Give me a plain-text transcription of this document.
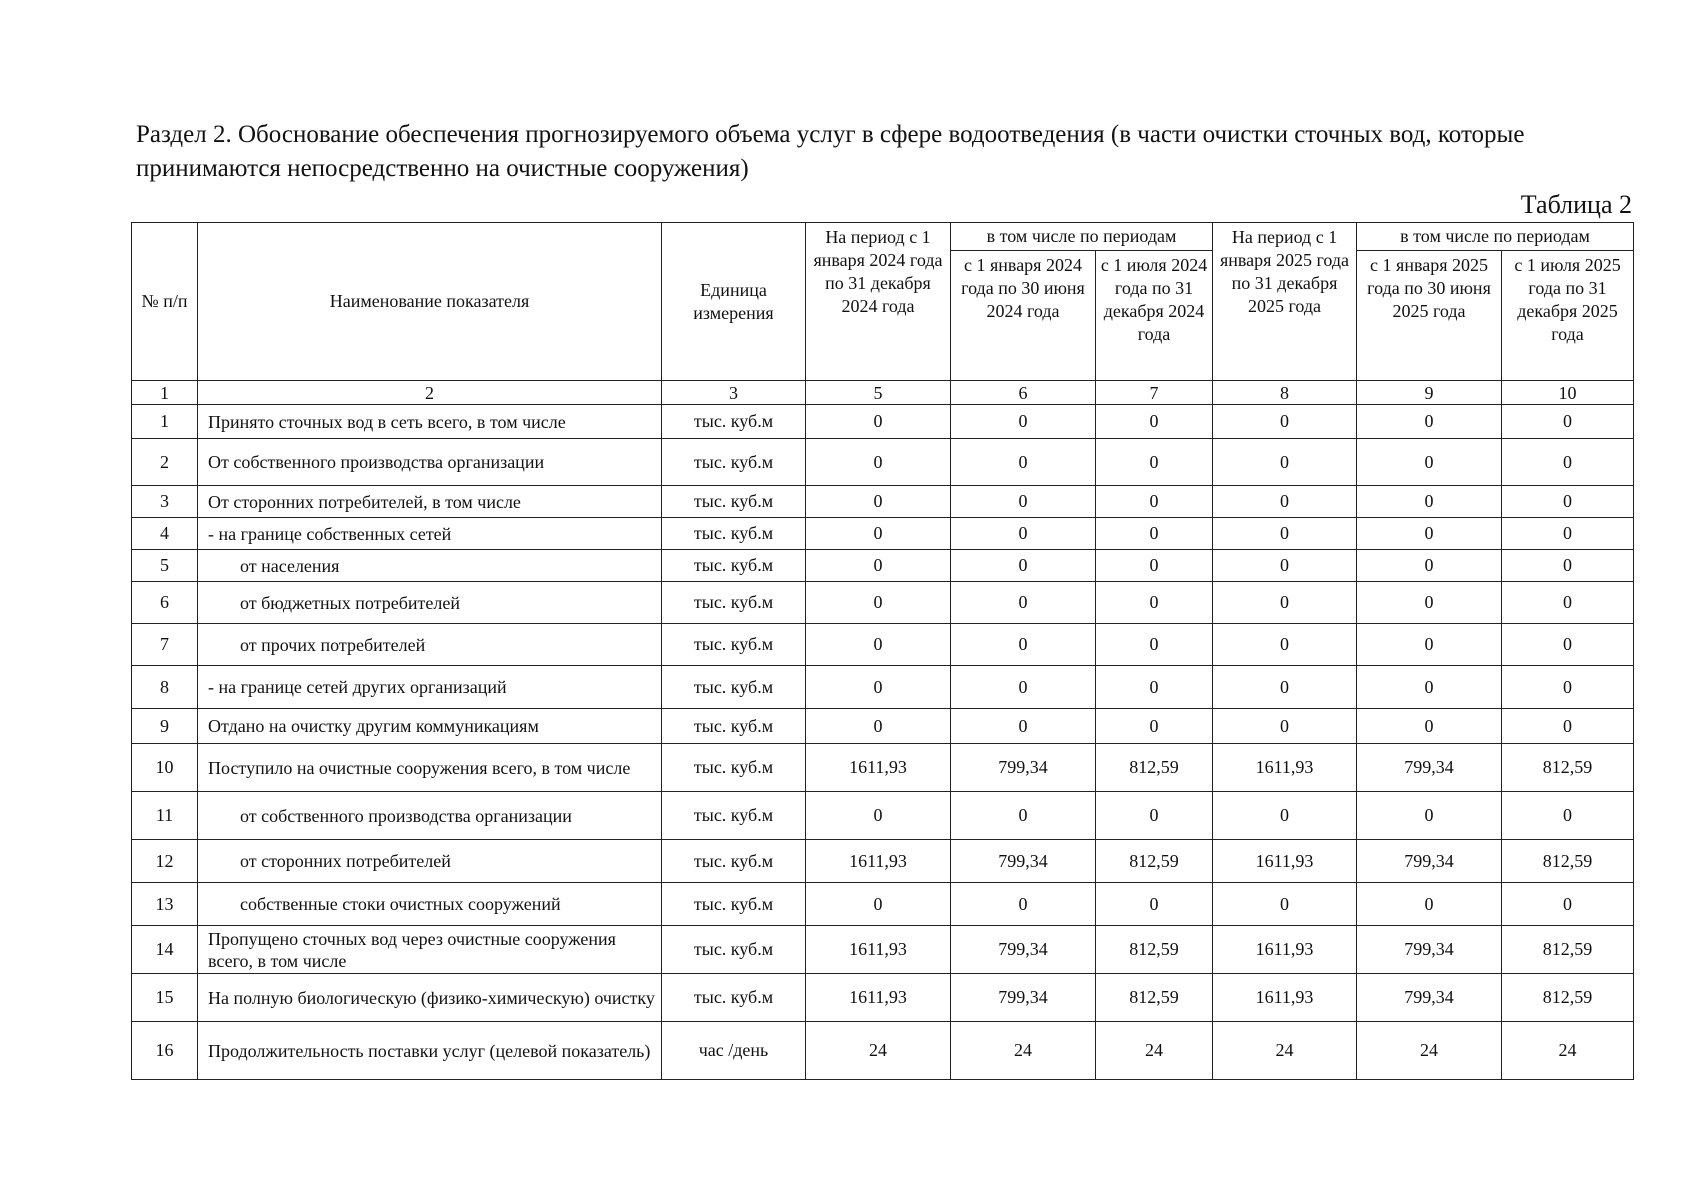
Раздел 2. Обоснование обеспечения прогнозируемого объема услуг в сфере водоотведения (в части очистки сточных вод, которые принимаются непосредственно на очистные сооружения)
Таблица 2
№ п/п	Наименование показателя	Единица измерения	На период с 1 января 2024 года по 31 декабря 2024 года	в том числе по периодам		На период с 1 января 2025 года по 31 декабря 2025 года	в том числе по периодам	
				с 1 января 2024 года по 30 июня 2024 года	с 1 июля 2024 года по 31 декабря 2024 года		с 1 января 2025 года по 30 июня 2025 года	с 1 июля 2025 года по 31 декабря 2025 года
1	2	3	5	6	7	8	9	10
1	Принято сточных вод в сеть всего, в том числе	тыс. куб.м	0	0	0	0	0	0
2	От собственного производства организации	тыс. куб.м	0	0	0	0	0	0
3	От сторонних потребителей, в том числе	тыс. куб.м	0	0	0	0	0	0
4	- на границе собственных сетей	тыс. куб.м	0	0	0	0	0	0
5	от населения	тыс. куб.м	0	0	0	0	0	0
6	от бюджетных потребителей	тыс. куб.м	0	0	0	0	0	0
7	от прочих потребителей	тыс. куб.м	0	0	0	0	0	0
8	- на границе сетей других организаций	тыс. куб.м	0	0	0	0	0	0
9	Отдано на очистку другим коммуникациям	тыс. куб.м	0	0	0	0	0	0
10	Поступило на очистные сооружения всего, в том числе	тыс. куб.м	1611,93	799,34	812,59	1611,93	799,34	812,59
11	от собственного производства организации	тыс. куб.м	0	0	0	0	0	0
12	от сторонних потребителей	тыс. куб.м	1611,93	799,34	812,59	1611,93	799,34	812,59
13	собственные стоки очистных сооружений	тыс. куб.м	0	0	0	0	0	0
14	Пропущено сточных вод через очистные сооружения всего, в том числе	тыс. куб.м	1611,93	799,34	812,59	1611,93	799,34	812,59
15	На полную биологическую (физико-химическую) очистку	тыс. куб.м	1611,93	799,34	812,59	1611,93	799,34	812,59
16	Продолжительность поставки услуг (целевой показатель)	час /день	24	24	24	24	24	24
